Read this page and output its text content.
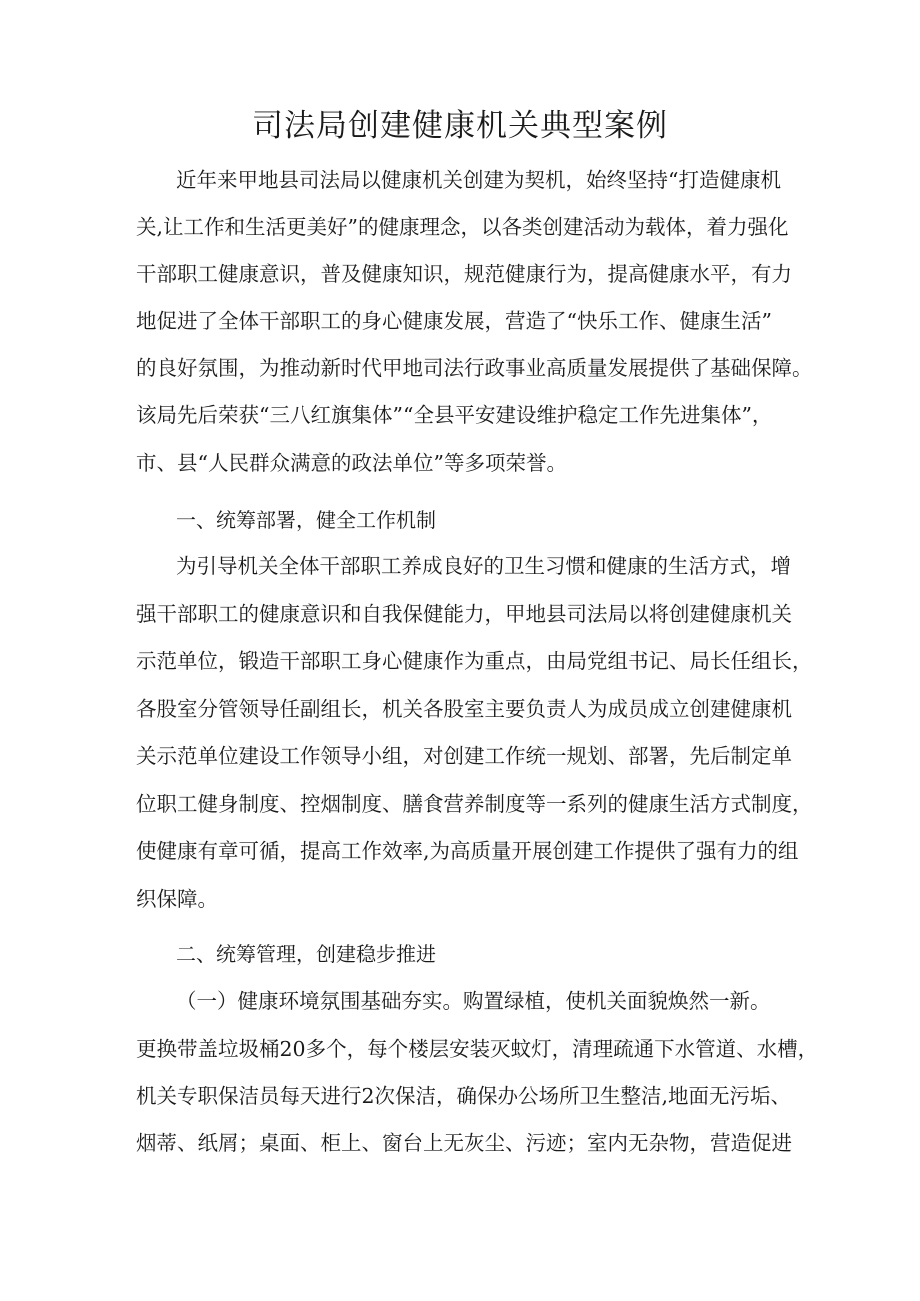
司法局创建健康机关典型案例

近年来甲地县司法局以健康机关创建为契机，始终坚持“打造健康机

关,让工作和生活更美好”的健康理念，以各类创建活动为载体，着力强化

干部职工健康意识，普及健康知识，规范健康行为，提高健康水平，有力

地促进了全体干部职工的身心健康发展，营造了“快乐工作、健康生活”

的良好氛围，为推动新时代甲地司法行政事业高质量发展提供了基础保障。

该局先后荣获“三八红旗集体”“全县平安建设维护稳定工作先进集体”，

市、县“人民群众满意的政法单位”等多项荣誉。

一、统筹部署，健全工作机制

为引导机关全体干部职工养成良好的卫生习惯和健康的生活方式，增

强干部职工的健康意识和自我保健能力，甲地县司法局以将创建健康机关

示范单位，锻造干部职工身心健康作为重点，由局党组书记、局长任组长，

各股室分管领导任副组长，机关各股室主要负责人为成员成立创建健康机

关示范单位建设工作领导小组，对创建工作统一规划、部署，先后制定单

位职工健身制度、控烟制度、膳食营养制度等一系列的健康生活方式制度，

使健康有章可循，提高工作效率,为高质量开展创建工作提供了强有力的组

织保障。

二、统筹管理，创建稳步推进

（一）健康环境氛围基础夯实。购置绿植，使机关面貌焕然一新。

更换带盖垃圾桶20多个，每个楼层安装灭蚊灯，清理疏通下水管道、水槽，

机关专职保洁员每天进行2次保洁，确保办公场所卫生整洁,地面无污垢、

烟蒂、纸屑；桌面、柜上、窗台上无灰尘、污迹；室内无杂物，营造促进
